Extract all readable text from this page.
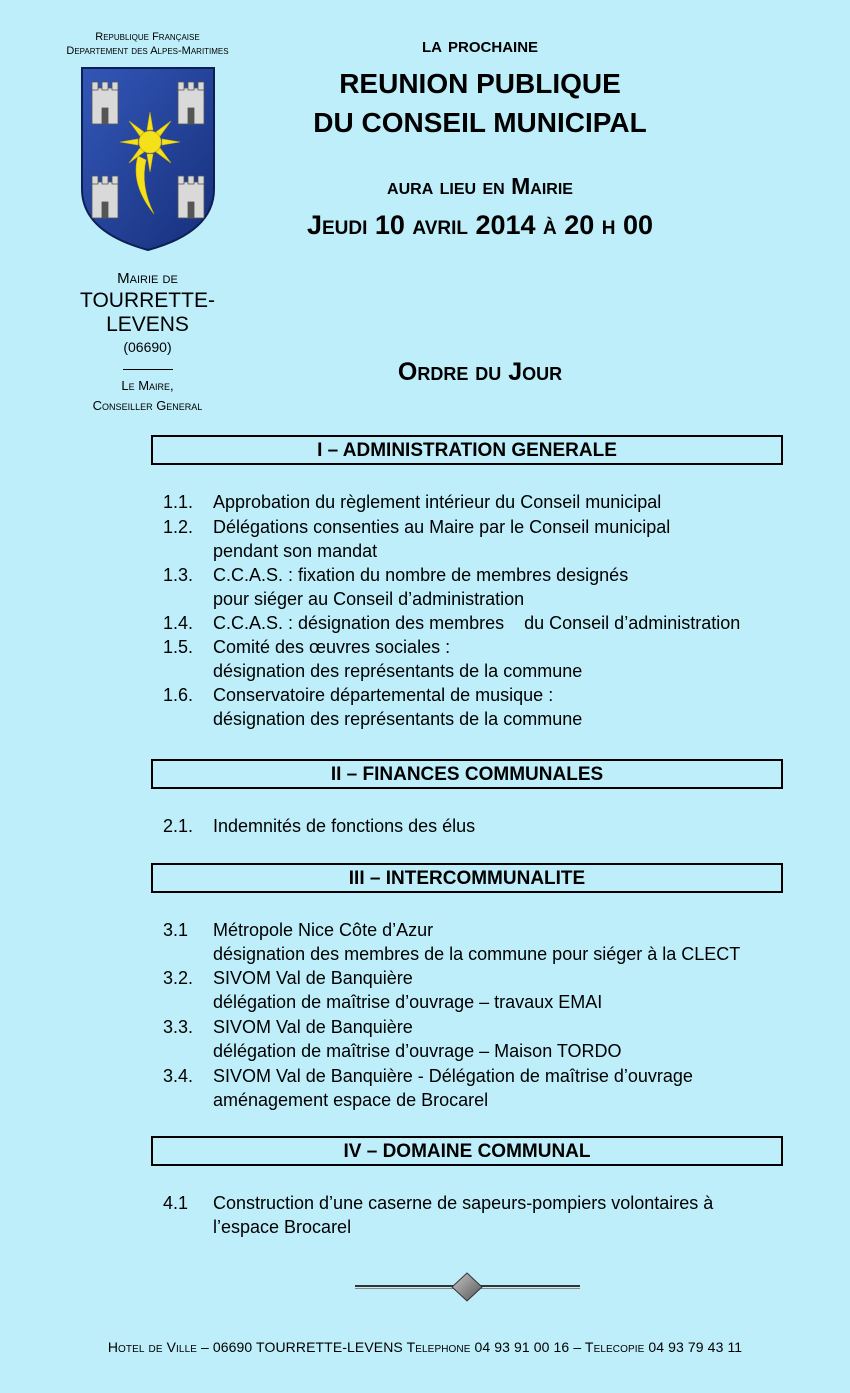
Republique Française
Departement des Alpes-Maritimes
Mairie de
TOURRETTE-LEVENS
(06690)
Le Maire,
Conseiller General
la prochaine
REUNION PUBLIQUE
DU CONSEIL MUNICIPAL
aura lieu en Mairie
Jeudi 10 avril 2014 à 20 h 00
Ordre du Jour
I – ADMINISTRATION GENERALE
1.1.	Approbation du règlement intérieur du Conseil municipal
1.2.	Délégations consenties au Maire par le Conseil municipal
pendant son mandat
1.3.	C.C.A.S. : fixation du nombre de membres designés
pour siéger au Conseil d’administration
1.4.	C.C.A.S. : désignation des membres    du Conseil d’administration
1.5.	Comité des œuvres sociales :
désignation des représentants de la commune
1.6.	Conservatoire départemental de musique :
désignation des représentants de la commune
II – FINANCES COMMUNALES
2.1.	Indemnités de fonctions des élus
III – INTERCOMMUNALITE
3.1	Métropole Nice Côte d’Azur
désignation des membres de la commune pour siéger à la CLECT
3.2.	SIVOM Val de Banquière
délégation de maîtrise d’ouvrage – travaux EMAI
3.3.	SIVOM Val de Banquière
délégation de maîtrise d’ouvrage – Maison TORDO
3.4.	SIVOM Val de Banquière - Délégation de maîtrise d’ouvrage
aménagement espace de Brocarel
IV – DOMAINE COMMUNAL
4.1	Construction d’une caserne de sapeurs-pompiers volontaires à
l’espace Brocarel
Hotel de Ville – 06690 TOURRETTE-LEVENS Telephone 04 93 91 00 16 – Telecopie 04 93 79 43 11
